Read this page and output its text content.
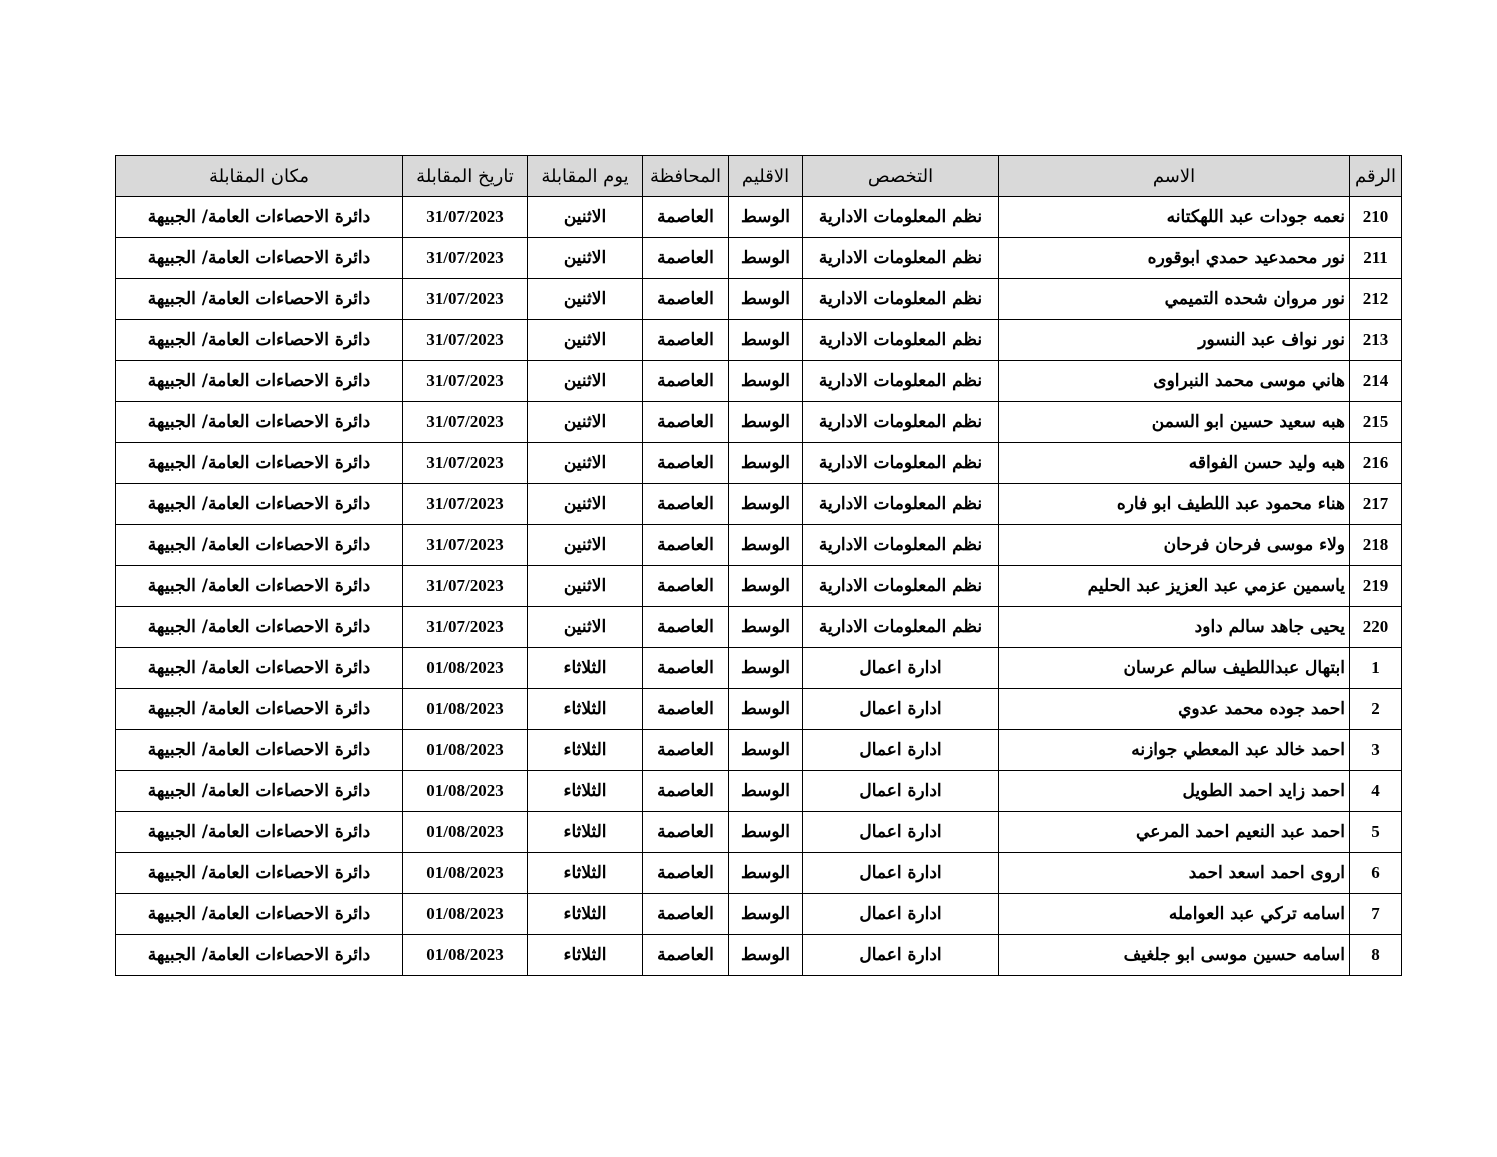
الرقم	الاسم	التخصص	الاقليم	المحافظة	يوم المقابلة	تاريخ المقابلة	مكان المقابلة
210	نعمه جودات عبد اللهكتانه	نظم المعلومات الادارية	الوسط	العاصمة	الاثنين	31/07/2023	دائرة الاحصاءات العامة/ الجبيهة
211	نور محمدعيد حمدي ابوقوره	نظم المعلومات الادارية	الوسط	العاصمة	الاثنين	31/07/2023	دائرة الاحصاءات العامة/ الجبيهة
212	نور مروان شحده التميمي	نظم المعلومات الادارية	الوسط	العاصمة	الاثنين	31/07/2023	دائرة الاحصاءات العامة/ الجبيهة
213	نور نواف عبد النسور	نظم المعلومات الادارية	الوسط	العاصمة	الاثنين	31/07/2023	دائرة الاحصاءات العامة/ الجبيهة
214	هاني موسى محمد النبراوى	نظم المعلومات الادارية	الوسط	العاصمة	الاثنين	31/07/2023	دائرة الاحصاءات العامة/ الجبيهة
215	هبه سعيد حسين ابو السمن	نظم المعلومات الادارية	الوسط	العاصمة	الاثنين	31/07/2023	دائرة الاحصاءات العامة/ الجبيهة
216	هبه وليد حسن الفواقه	نظم المعلومات الادارية	الوسط	العاصمة	الاثنين	31/07/2023	دائرة الاحصاءات العامة/ الجبيهة
217	هناء محمود عبد اللطيف ابو فاره	نظم المعلومات الادارية	الوسط	العاصمة	الاثنين	31/07/2023	دائرة الاحصاءات العامة/ الجبيهة
218	ولاء موسى فرحان فرحان	نظم المعلومات الادارية	الوسط	العاصمة	الاثنين	31/07/2023	دائرة الاحصاءات العامة/ الجبيهة
219	ياسمين عزمي عبد العزيز عبد الحليم	نظم المعلومات الادارية	الوسط	العاصمة	الاثنين	31/07/2023	دائرة الاحصاءات العامة/ الجبيهة
220	يحيى جاهد سالم داود	نظم المعلومات الادارية	الوسط	العاصمة	الاثنين	31/07/2023	دائرة الاحصاءات العامة/ الجبيهة
1	ابتهال عبداللطيف سالم عرسان	ادارة اعمال	الوسط	العاصمة	الثلاثاء	01/08/2023	دائرة الاحصاءات العامة/ الجبيهة
2	احمد جوده محمد عدوي	ادارة اعمال	الوسط	العاصمة	الثلاثاء	01/08/2023	دائرة الاحصاءات العامة/ الجبيهة
3	احمد خالد عبد المعطي جوازنه	ادارة اعمال	الوسط	العاصمة	الثلاثاء	01/08/2023	دائرة الاحصاءات العامة/ الجبيهة
4	احمد زايد احمد الطويل	ادارة اعمال	الوسط	العاصمة	الثلاثاء	01/08/2023	دائرة الاحصاءات العامة/ الجبيهة
5	احمد عبد النعيم احمد المرعي	ادارة اعمال	الوسط	العاصمة	الثلاثاء	01/08/2023	دائرة الاحصاءات العامة/ الجبيهة
6	اروى احمد اسعد احمد	ادارة اعمال	الوسط	العاصمة	الثلاثاء	01/08/2023	دائرة الاحصاءات العامة/ الجبيهة
7	اسامه تركي عبد العوامله	ادارة اعمال	الوسط	العاصمة	الثلاثاء	01/08/2023	دائرة الاحصاءات العامة/ الجبيهة
8	اسامه حسين موسى ابو جلغيف	ادارة اعمال	الوسط	العاصمة	الثلاثاء	01/08/2023	دائرة الاحصاءات العامة/ الجبيهة
